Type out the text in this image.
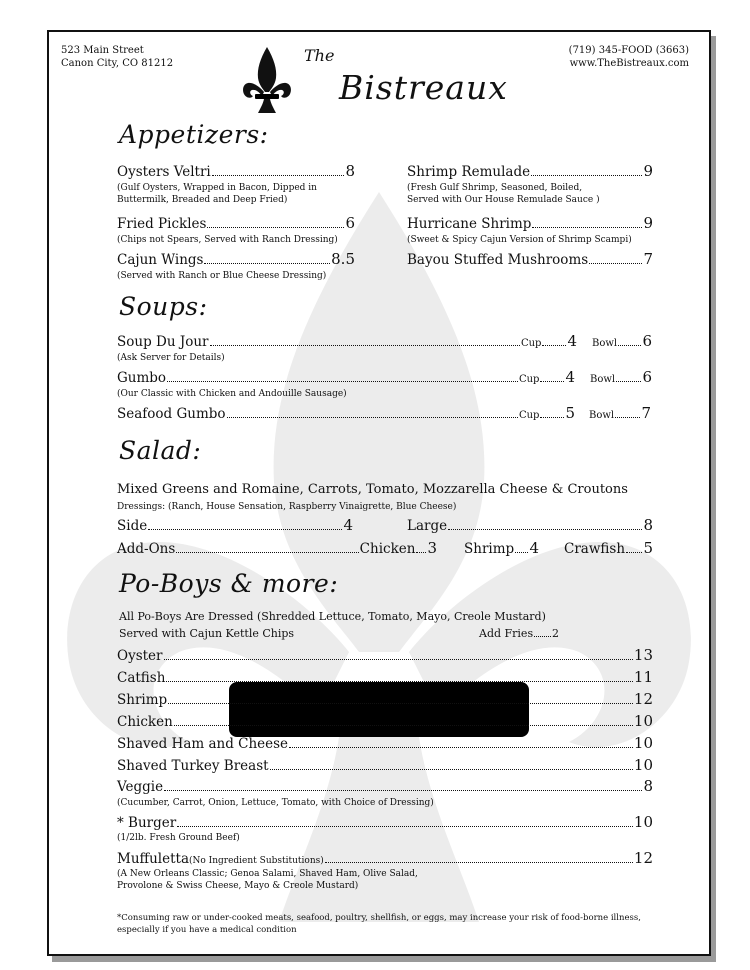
523 Main Street
Canon City, CO 81212
(719) 345-FOOD (3663)
www.TheBistreaux.com
The
Bistreaux
Appetizers:
Oysters Veltri	8
(Gulf Oysters, Wrapped in Bacon, Dipped in
Buttermilk, Breaded and Deep Fried)
Fried Pickles	6
(Chips not Spears, Served with Ranch Dressing)
Cajun Wings	8.5
(Served with Ranch or Blue Cheese Dressing)
Shrimp Remulade	9
(Fresh Gulf Shrimp, Seasoned, Boiled,
Served with Our House Remulade Sauce )
Hurricane Shrimp	9
(Sweet & Spicy Cajun Version of Shrimp Scampi)
Bayou Stuffed Mushrooms	7
Soups:
Soup Du Jour	Cup 4 Bowl 6
(Ask Server for Details)
Gumbo	Cup 4 Bowl 6
(Our Classic with Chicken and Andouille Sausage)
Seafood Gumbo	Cup 5 Bowl 7
Salad:
Mixed Greens and Romaine, Carrots, Tomato, Mozzarella Cheese & Croutons
Dressings: (Ranch, House Sensation, Raspberry Vinaigrette, Blue Cheese)
Side	4	Large	8
Add-Ons	Chicken 3 Shrimp 4 Crawfish 5
Po-Boys & more:
All Po-Boys Are Dressed (Shredded Lettuce, Tomato, Mayo, Creole Mustard)
Served with Cajun Kettle Chips	Add Fries 2
Oyster	13
Catfish	11
Shrimp	12
Chicken	10
Shaved Ham and Cheese	10
Shaved Turkey Breast	10
Veggie	8
(Cucumber, Carrot, Onion, Lettuce, Tomato, with Choice of Dressing)
* Burger	10
(1/2lb. Fresh Ground Beef)
Muffuletta (No Ingredient Substitutions)	12
(A New Orleans Classic; Genoa Salami, Shaved Ham, Olive Salad,
Provolone & Swiss Cheese, Mayo & Creole Mustard)
*Consuming raw or under-cooked meats, seafood, poultry, shellfish, or eggs, may increase your risk of food-borne illness,
especially if you have a medical condition
